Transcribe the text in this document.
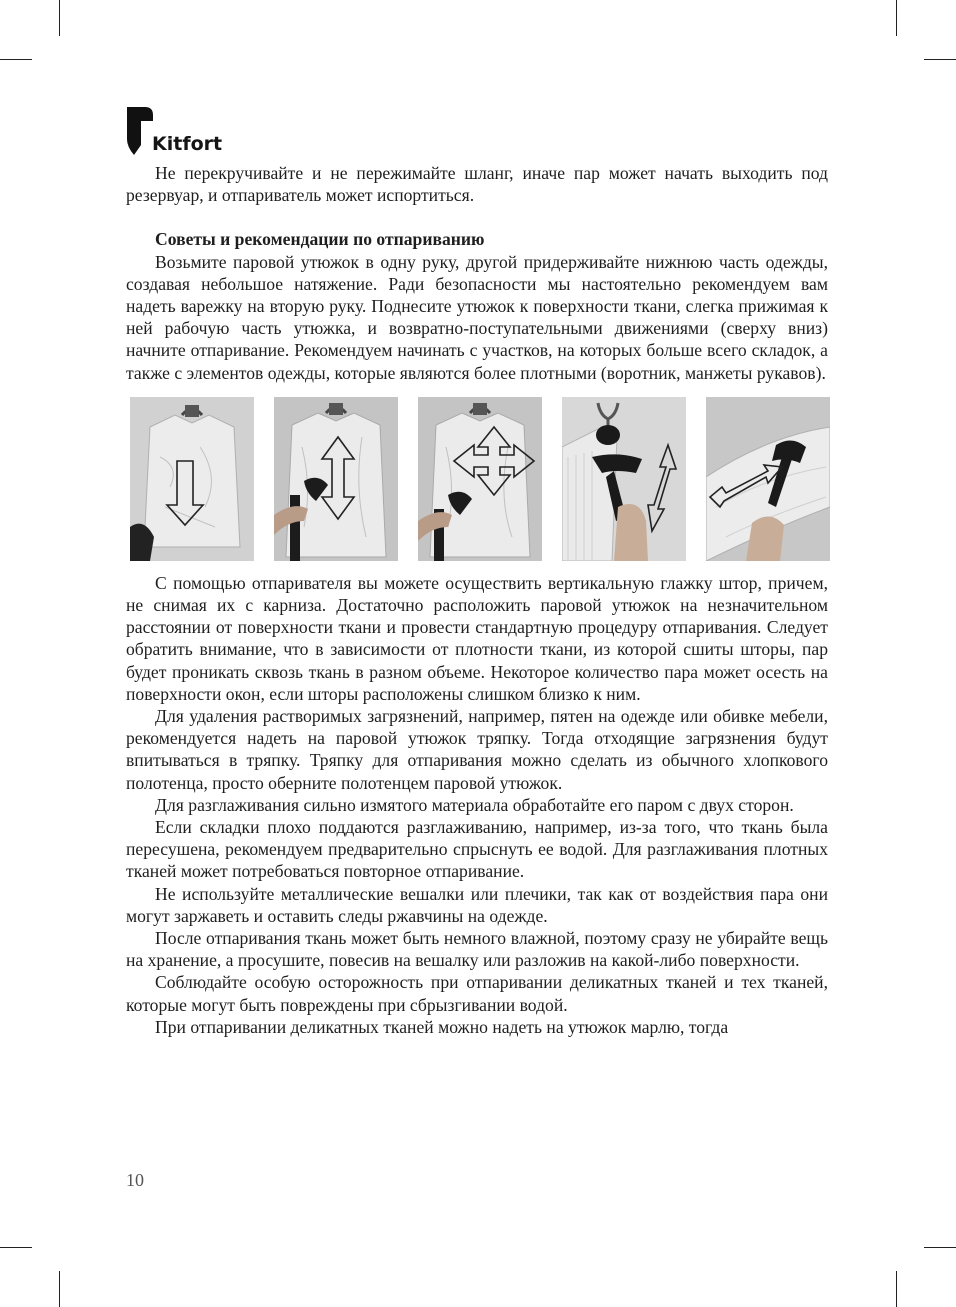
Kitfort

Не перекручивайте и не пережимайте шланг, иначе пар может начать выходить под резервуар, и отпариватель может испортиться.

Советы и рекомендации по отпариванию

Возьмите паровой утюжок в одну руку, другой придерживайте нижнюю часть одежды, создавая небольшое натяжение. Ради безопасности мы настоятельно рекомендуем вам надеть варежку на вторую руку. Поднесите утюжок к поверхности ткани, слегка прижимая к ней рабочую часть утюжка, и возвратно-поступательными движениями (сверху вниз) начните отпаривание. Рекомендуем начинать с участков, на которых больше всего складок, а также с элементов одежды, которые являются более плотными (воротник, манжеты рукавов).

С помощью отпаривателя вы можете осуществить вертикальную глажку штор, причем, не снимая их с карниза. Достаточно расположить паровой утюжок на незначительном расстоянии от поверхности ткани и провести стандартную процедуру отпаривания. Следует обратить внимание, что в зависимости от плотности ткани, из которой сшиты шторы, пар будет проникать сквозь ткань в разном объеме. Некоторое количество пара может осесть на поверхности окон, если шторы расположены слишком близко к ним.

Для удаления растворимых загрязнений, например, пятен на одежде или обивке мебели, рекомендуется надеть на паровой утюжок тряпку. Тогда отходящие загрязнения будут впитываться в тряпку. Тряпку для отпаривания можно сделать из обычного хлопкового полотенца, просто оберните полотенцем паровой утюжок.

Для разглаживания сильно измятого материала обработайте его паром с двух сторон.

Если складки плохо поддаются разглаживанию, например, из-за того, что ткань была пересушена, рекомендуем предварительно спрыснуть ее водой. Для разглаживания плотных тканей может потребоваться повторное отпаривание.

Не используйте металлические вешалки или плечики, так как от воздействия пара они могут заржаветь и оставить следы ржавчины на одежде.

После отпаривания ткань может быть немного влажной, поэтому сразу не убирайте вещь на хранение, а просушите, повесив на вешалку или разложив на какой-либо поверхности.

Соблюдайте особую осторожность при отпаривании деликатных тканей и тех тканей, которые могут быть повреждены при сбрызгивании водой.

При отпаривании деликатных тканей можно надеть на утюжок марлю, тогда

10
